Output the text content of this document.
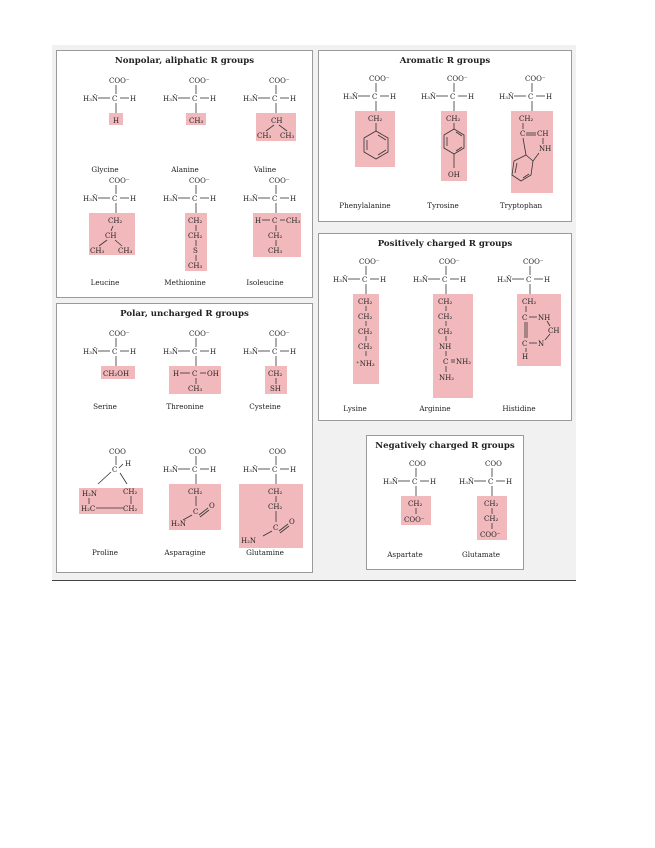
Nonpolar, aliphatic R groups
COO⁻
H₃N̂ C H
H
Glycine
COO⁻
H₃N̂ C H
CH₃
Alanine
COO⁻
H₃N̂ C H
CH
CH₃ CH₃
Valine
COO⁻
H₃N̂ C H
CH₂
CH
CH₃ CH₃
Leucine
COO⁻
H₃N̂ C H
CH₂
CH₂
S
CH₃
Methionine
COO⁻
H₃N̂ C H
H C CH₃
CH₂
CH₃
Isoleucine
Aromatic R groups
COO⁻
H₃N̂ C H
CH₂
Phenylalanine
COO⁻
H₃N̂ C H
CH₂
OH
Tyrosine
COO⁻
H₃N̂ C H
CH₂
C CH
NH
Tryptophan
Positively charged R groups
COO⁻
H₃N̂ C H
CH₂
CH₂
CH₂
CH₂
⁺NH₃
Lysine
COO⁻
H₃N̂ C H
CH₂
CH₂
CH₂
NH
C NH₂
NH₂
Arginine
COO⁻
H₃N̂ C H
CH₂
C NH
CH
C N
H
Histidine
Polar, uncharged R groups
COO⁻
H₃N̂ C H
CH₂OH
Serine
COO⁻
H₃N̂ C H
H C OH
CH₃
Threonine
COO⁻
H₃N̂ C H
CH₂
SH
Cysteine
COO
H
C
H₂N	CH₂
H₂C	CH₂
Proline
COO
H₃N̂ C H
CH₂
C
H₂N
O
Asparagine
COO
H₃N̂ C H
CH₂
CH₂
C
H₂N
O
Glutamine
Negatively charged R groups
COO
H₃N̂ C H
CH₂
COO⁻
Aspartate
COO
H₃N̂ C H
CH₂
CH₂
COO⁻
Glutamate
